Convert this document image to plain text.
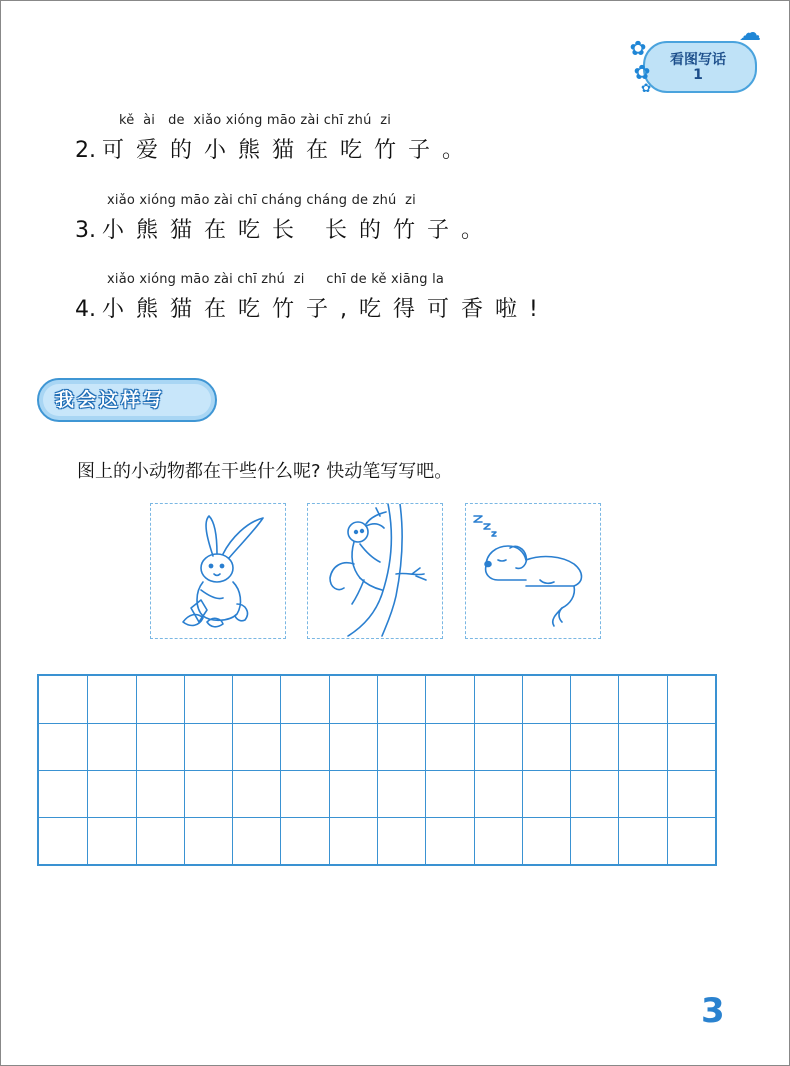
✿
✿
✿
☁
看图写话
1
kě  ài   de  xiǎo xióng māo zài chī zhú  zi
2. 可爱的小熊猫在吃竹子。
xiǎo xióng māo zài chī cháng cháng de zhú  zi
3. 小熊猫在吃长 长的竹子。
xiǎo xióng māo zài chī zhú  zi     chī de kě xiāng la
4. 小熊猫在吃竹子,吃得可香啦!
我会这样写
图上的小动物都在干些什么呢? 快动笔写写吧。
3
